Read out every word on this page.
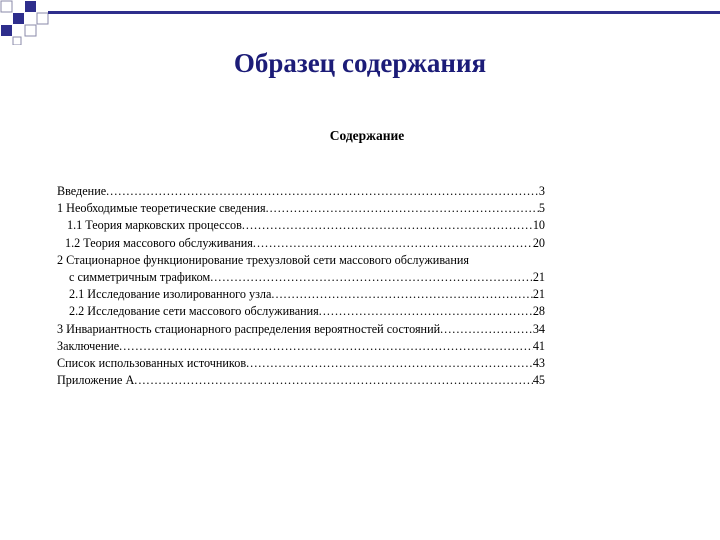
Образец содержания
Содержание
Введение .....	3
1 Необходимые теоретические сведения .....	5
1.1 Теория марковских процессов .....	10
1.2 Теория массового обслуживания .....	20
2 Стационарное функционирование трехузловой сети массового обслуживания
с симметричным трафиком .....	21
2.1 Исследование изолированного узла .....	21
2.2 Исследование сети массового обслуживания .....	28
3 Инвариантность стационарного распределения вероятностей состояний .....	34
Заключение .....	41
Список использованных источников .....	43
Приложение А .....	45
